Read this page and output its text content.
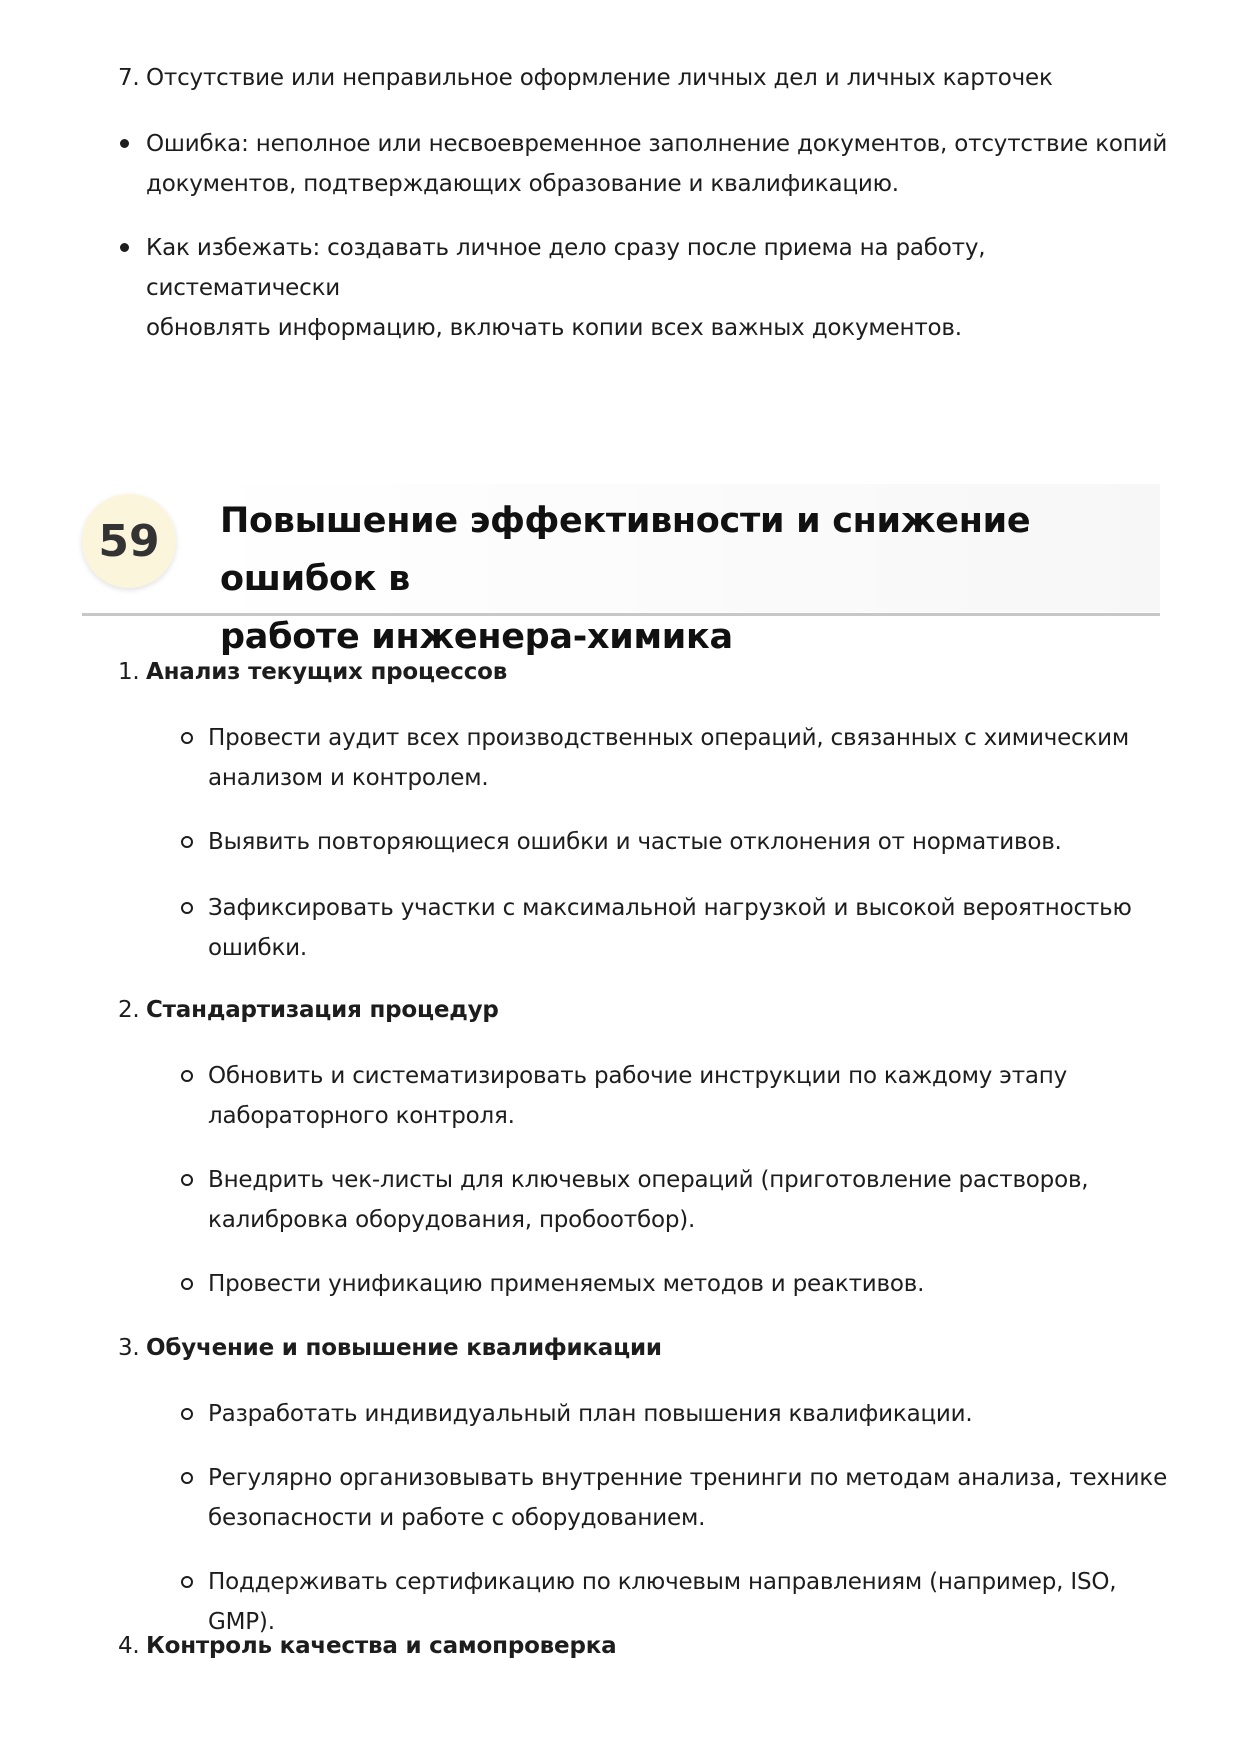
7. Отсутствие или неправильное оформление личных дел и личных карточек
Ошибка: неполное или несвоевременное заполнение документов, отсутствие копий
документов, подтверждающих образование и квалификацию.
Как избежать: создавать личное дело сразу после приема на работу, систематически
обновлять информацию, включать копии всех важных документов.
59	Повышение эффективности и снижение ошибок в
работе инженера-химика
1. Анализ текущих процессов
Провести аудит всех производственных операций, связанных с химическим
анализом и контролем.
Выявить повторяющиеся ошибки и частые отклонения от нормативов.
Зафиксировать участки с максимальной нагрузкой и высокой вероятностью
ошибки.
2. Стандартизация процедур
Обновить и систематизировать рабочие инструкции по каждому этапу
лабораторного контроля.
Внедрить чек-листы для ключевых операций (приготовление растворов,
калибровка оборудования, пробоотбор).
Провести унификацию применяемых методов и реактивов.
3. Обучение и повышение квалификации
Разработать индивидуальный план повышения квалификации.
Регулярно организовывать внутренние тренинги по методам анализа, технике
безопасности и работе с оборудованием.
Поддерживать сертификацию по ключевым направлениям (например, ISO, GMP).
4. Контроль качества и самопроверка
